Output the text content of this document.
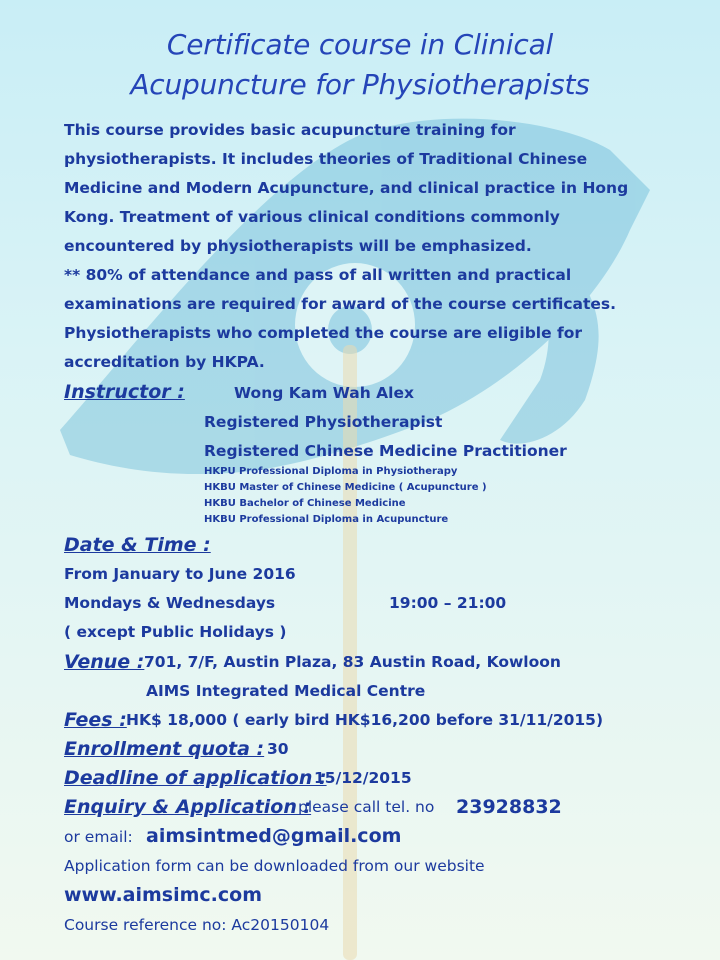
Certificate course in Clinical
Acupuncture for Physiotherapists
This course provides basic acupuncture training for
physiotherapists. It includes theories of Traditional Chinese
Medicine and Modern Acupuncture, and clinical practice in Hong
Kong. Treatment of various clinical conditions commonly
encountered by physiotherapists will be emphasized.
** 80% of attendance and pass of all written and practical
examinations are required for award of the course certificates.
Physiotherapists who completed the course are eligible for
accreditation by HKPA.
Instructor :	Wong Kam Wah Alex
Registered Physiotherapist
Registered Chinese Medicine Practitioner
HKPU Professional Diploma in Physiotherapy
HKBU Master of Chinese Medicine ( Acupuncture )
HKBU Bachelor of Chinese Medicine
HKBU Professional Diploma in Acupuncture
Date & Time :
From January to June 2016
Mondays & Wednesdays	19:00 – 21:00
( except Public Holidays )
Venue : 701, 7/F, Austin Plaza, 83 Austin Road, Kowloon
AIMS Integrated Medical Centre
Fees : HK$ 18,000 ( early bird HK$16,200 before 31/11/2015)
Enrollment quota : 30
Deadline of application :
15/12/2015
Enquiry & Application :
please call tel. no 23928832
or email: aimsintmed@gmail.com
Application form can be downloaded from our website
www.aimsimc.com
Course reference no: Ac20150104
